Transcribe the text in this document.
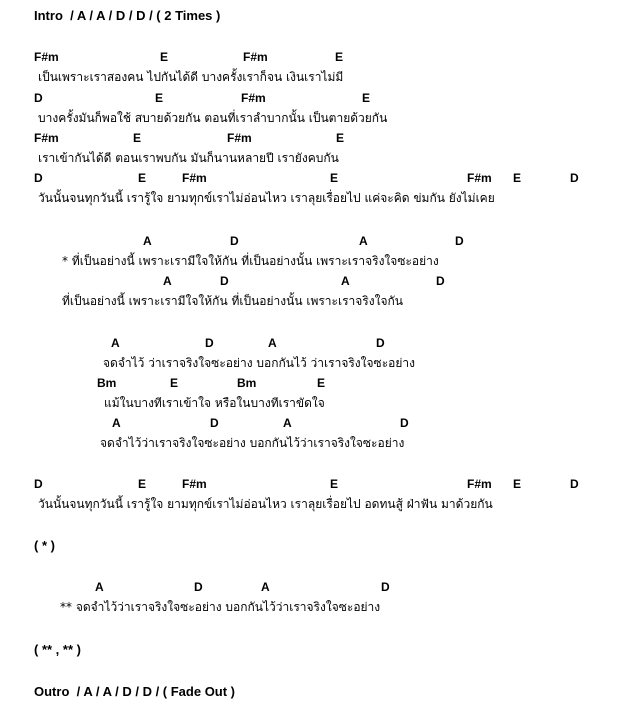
Intro  / A / A / D / D / ( 2 Times )
F#m	E	F#m	E
เป็นเพราะเราสองคน ไปกันได้ดี บางครั้งเราก็จน เงินเราไม่มี
D	E	F#m	E
บางครั้งมันก็พอใช้ สบายด้วยกัน ตอนที่เราลำบากนั้น เป็นตายด้วยกัน
F#m	E	F#m	E
เราเข้ากันได้ดี ตอนเราพบกัน มันก็นานหลายปี เรายังคบกัน
D	E	F#m	E	F#m E	D
วันนั้นจนทุกวันนี้ เรารู้ใจ ยามทุกข์เราไม่อ่อนไหว เราลุยเรื่อยไป แค่จะคิด ข่มกัน ยังไม่เคย
A	D	A	D
* ที่เป็นอย่างนี้ เพราะเรามีใจให้กัน ที่เป็นอย่างนั้น เพราะเราจริงใจซะอย่าง
A	D	A	D
ที่เป็นอย่างนี้ เพราะเรามีใจให้กัน ที่เป็นอย่างนั้น เพราะเราจริงใจกัน
A	D	A	D
จดจำไว้ ว่าเราจริงใจซะอย่าง บอกกันไว้ ว่าเราจริงใจซะอย่าง
Bm	E	Bm	E
แม้ในบางทีเราเข้าใจ หรือในบางทีเราขัดใจ
A	D	A	D
จดจำไว้ว่าเราจริงใจซะอย่าง บอกกันไว้ว่าเราจริงใจซะอย่าง
D	E	F#m	E	F#m E	D
วันนั้นจนทุกวันนี้ เรารู้ใจ ยามทุกข์เราไม่อ่อนไหว เราลุยเรื่อยไป อดทนสู้ ฝ่าฟัน มาด้วยกัน
A	D	A	D
** จดจำไว้ว่าเราจริงใจซะอย่าง บอกกันไว้ว่าเราจริงใจซะอย่าง
( * )
( ** , ** )
Outro  / A / A / D / D / ( Fade Out )
